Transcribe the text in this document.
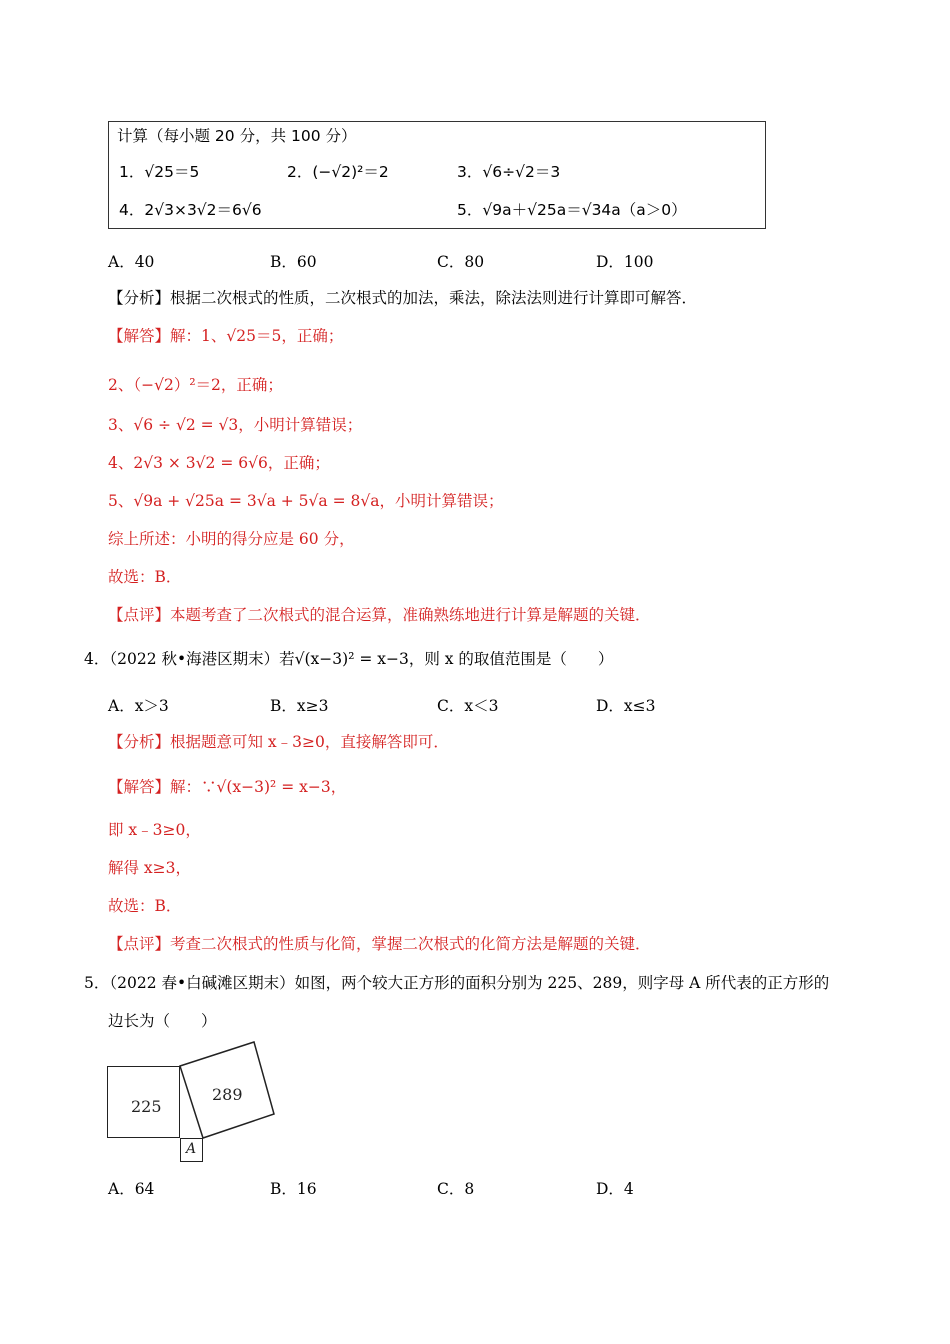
计算（每小题 20 分，共 100 分）
1．√25＝5	2．(−√2)²＝2	3．√6÷√2＝3
4．2√3×3√2＝6√6	5．√9a＋√25a＝√34a（a＞0）
A．40	B．60	C．80	D．100
【分析】根据二次根式的性质，二次根式的加法，乘法，除法法则进行计算即可解答．
【解答】解：1、√25＝5，正确；
2、（−√2）²＝2，正确；
3、√6 ÷ √2 = √3，小明计算错误；
4、2√3 × 3√2 = 6√6，正确；
5、√9a + √25a = 3√a + 5√a = 8√a，小明计算错误；
综上所述：小明的得分应是 60 分，
故选：B．
【点评】本题考查了二次根式的混合运算，准确熟练地进行计算是解题的关键．
4．（2022 秋•海港区期末）若√(x−3)² = x−3，则 x 的取值范围是（　　）
A．x＞3	B．x≥3	C．x＜3	D．x≤3
【分析】根据题意可知 x﹣3≥0，直接解答即可．
【解答】解：∵√(x−3)² = x−3，
即 x﹣3≥0，
解得 x≥3，
故选：B．
【点评】考查二次根式的性质与化简，掌握二次根式的化简方法是解题的关键．
5．（2022 春•白碱滩区期末）如图，两个较大正方形的面积分别为 225、289，则字母 A 所代表的正方形的
边长为（　　）
225
A
289
A．64	B．16	C．8	D．4
